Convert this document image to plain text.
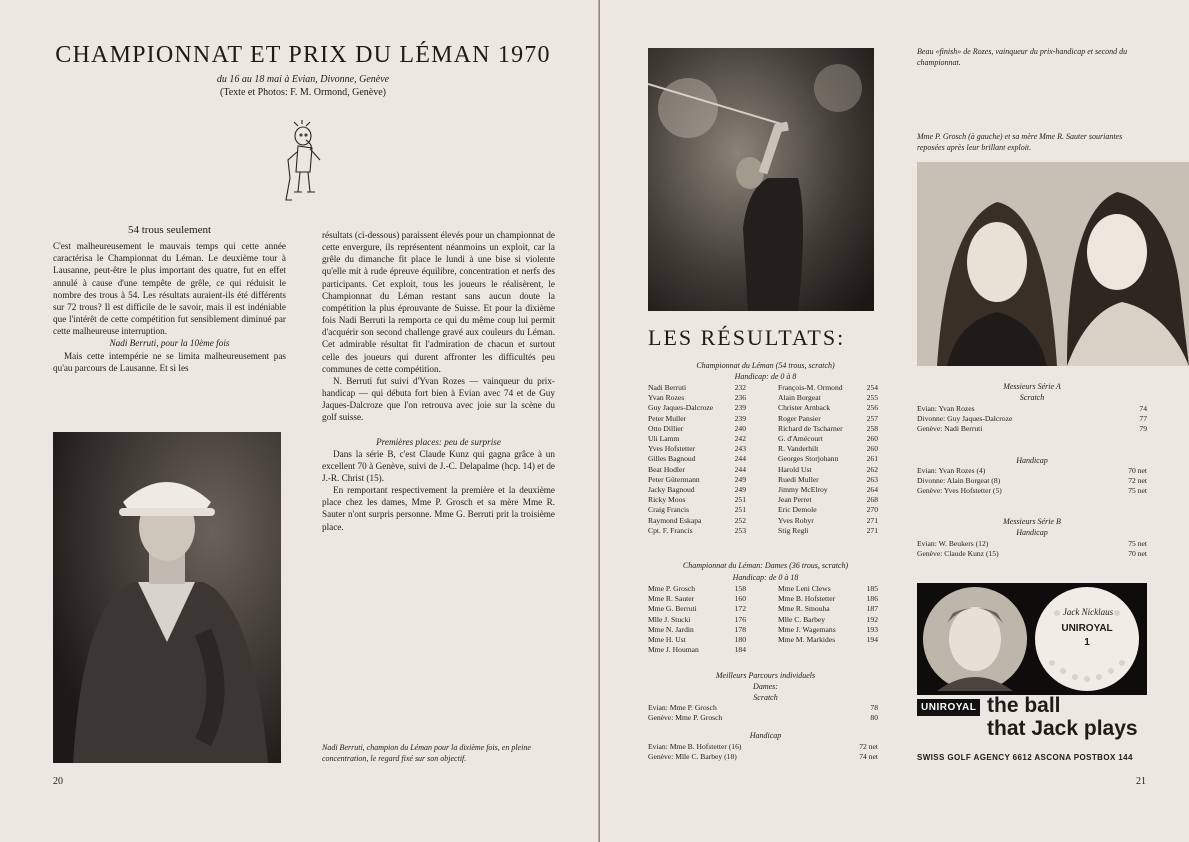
CHAMPIONNAT ET PRIX DU LÉMAN 1970
du 16 au 18 mai à Evian, Divonne, Genève
(Texte et Photos: F. M. Ormond, Genève)
54 trous seulement

C'est malheureusement le mauvais temps qui cette année caractérisa le Championnat du Léman. Le deuxième tour à Lausanne, peut-être le plus important des quatre, fut en effet annulé à cause d'une tempête de grêle, ce qui réduisit le nombre des trous à 54. Les résultats auraient-ils été différents sur 72 trous? Il est difficile de le savoir, mais il est indéniable que l'intérêt de cette compétition fut sensiblement diminué par cette malheureuse interruption.

Nadi Berruti, pour la 10ème fois

Mais cette intempérie ne se limita malheureusement pas qu'au parcours de Lausanne. Et si les

résultats (ci-dessous) paraissent élevés pour un championnat de cette envergure, ils représentent néanmoins un exploit, car la grêle du dimanche fit place le lundi à une bise si violente qu'elle mit à rude épreuve équilibre, concentration et nerfs des participants. Cet exploit, tous les joueurs le réalisèrent, le Championnat du Léman restant sans aucun doute la compétition la plus éprouvante de Suisse. Et pour la dixième fois Nadi Berruti la remporta ce qui du même coup lui permit d'acquérir son second challenge gravé aux couleurs du Léman. Cet admirable résultat fit l'admiration de chacun et surtout celle des joueurs qui durent affronter les difficultés peu communes de cette compétition.

N. Berruti fut suivi d'Yvan Rozes — vainqueur du prix-handicap — qui débuta fort bien à Evian avec 74 et de Guy Jaques-Dalcroze que l'on retrouva avec joie sur la scène du golf suisse.

Premières places: peu de surprise

Dans la série B, c'est Claude Kunz qui gagna grâce à un excellent 70 à Genève, suivi de J.-C. Delapalme (hcp. 14) et de J.-R. Christ (15).

En remportant respectivement la première et la deuxième place chez les dames, Mme P. Grosch et sa mère Mme R. Sauter n'ont surpris personne. Mme G. Berruti prit la troisième place.

Nadi Berruti, champion du Léman pour la dixième fois, en pleine concentration, le regard fixé sur son objectif.
20
Beau «finish» de Rozes, vainqueur du prix-handicap et second du championnat.
Mme P. Grosch (à gauche) et sa mère Mme R. Sauter souriantes reposées après leur brillant exploit.
LES RÉSULTATS:
Championnat du Léman (54 trous, scratch)
Handicap: de 0 à 8
Nadi Berruti	232
Yvan Rozes	236
Guy Jaques-Dalcroze	239
Peter Muller	239
Otto Dillier	240
Uli Lamm	242
Yves Hofstetter	243
Gilles Bagnoud	244
Beat Hodler	244
Peter Gütermann	249
Jacky Bagnoud	249
Ricky Moos	251
Craig Francis	251
Raymond Eskapa	252
Cpt. F. Francis	253
François-M. Ormond	254
Alain Borgeat	255
Christer Arnback	256
Roger Pansier	257
Richard de Tscharner	258
G. d'Amécourt	260
R. Vanderhilt	260
Georges Storjohann	261
Harold Ust	262
Ruedi Muller	263
Jimmy McElroy	264
Jean Perret	268
Eric Demole	270
Yves Robyr	271
Stig Regli	271
Championnat du Léman: Dames (36 trous, scratch)
Handicap: de 0 à 18
Mme P. Grosch	158
Mme R. Sauter	160
Mme G. Berruti	172
Mlle J. Stucki	176
Mme N. Jardin	178
Mme H. Ust	180
Mme J. Houman	184
Mme Leni Clews	185
Mme B. Hofstetter	186
Mme R. Smouha	187
Mlle C. Barbey	192
Mme J. Wagemans	193
Mme M. Markides	194
Meilleurs Parcours individuels
Dames:
Scratch
Evian: Mme P. Grosch	78
Genève: Mme P. Grosch	80
Handicap
Evian: Mme B. Hofstetter (16)	72 net
Genève: Mlle C. Barbey (18)	74 net
Messieurs Série A
Scratch
Evian: Yvan Rozes	74
Divonne: Guy Jaques-Dalcroze	77
Genève: Nadi Berruti	79
Handicap
Evian: Yvan Rozes (4)	70 net
Divonne: Alain Borgeat (8)	72 net
Genève: Yves Hofstetter (5)	75 net
Messieurs Série B
Handicap
Evian: W. Beukers (12)	75 net
Genève: Claude Kunz (15)	70 net
Jack Nicklaus
UNIROYAL
1
UNIROYAL the ball
that Jack plays
SWISS GOLF AGENCY 6612 ASCONA POSTBOX 144
21
